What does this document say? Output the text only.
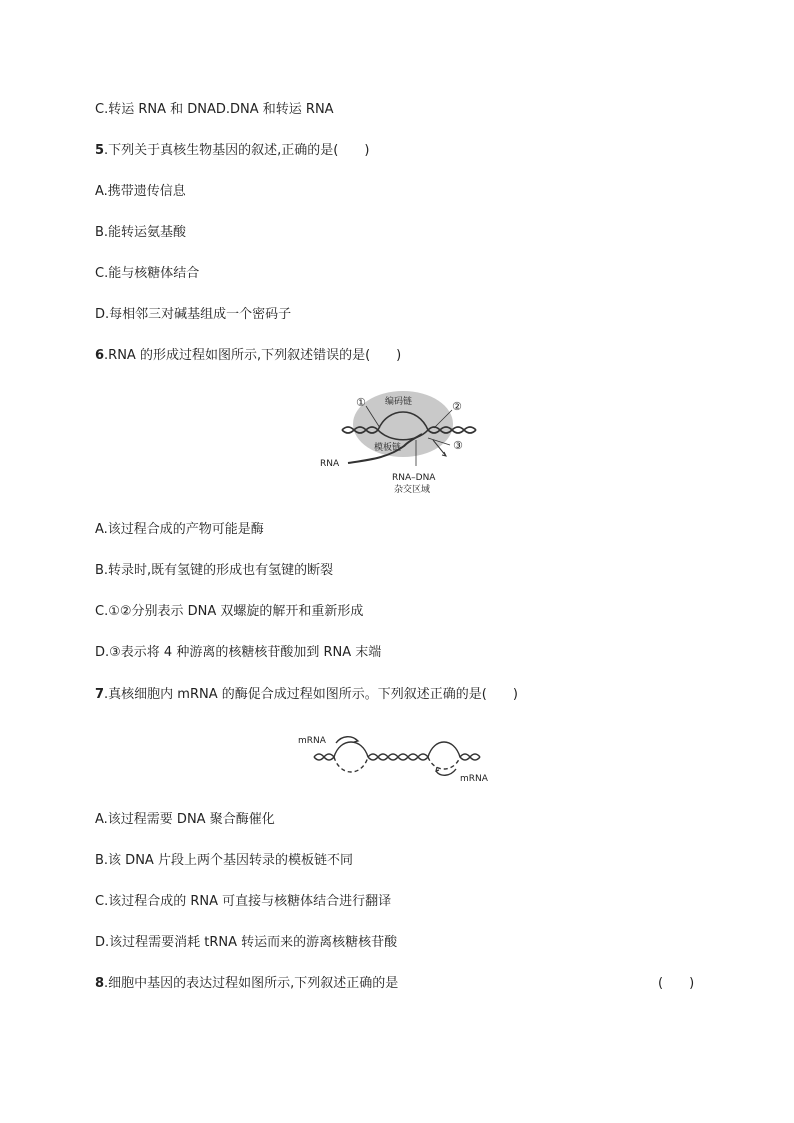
C.转运 RNA 和 DNAD.DNA 和转运 RNA
5.下列关于真核生物基因的叙述,正确的是(　　)
A.携带遗传信息
B.能转运氨基酸
C.能与核糖体结合
D.每相邻三对碱基组成一个密码子
6.RNA 的形成过程如图所示,下列叙述错误的是(　　)
①	②
③
编码链
模板链
RNA
RNA–DNA
杂交区域
A.该过程合成的产物可能是酶
B.转录时,既有氢键的形成也有氢键的断裂
C.①②分别表示 DNA 双螺旋的解开和重新形成
D.③表示将 4 种游离的核糖核苷酸加到 RNA 末端
7.真核细胞内 mRNA 的酶促合成过程如图所示。下列叙述正确的是(　　)
mRNA
mRNA
A.该过程需要 DNA 聚合酶催化
B.该 DNA 片段上两个基因转录的模板链不同
C.该过程合成的 RNA 可直接与核糖体结合进行翻译
D.该过程需要消耗 tRNA 转运而来的游离核糖核苷酸
8.细胞中基因的表达过程如图所示,下列叙述正确的是	(　　)
